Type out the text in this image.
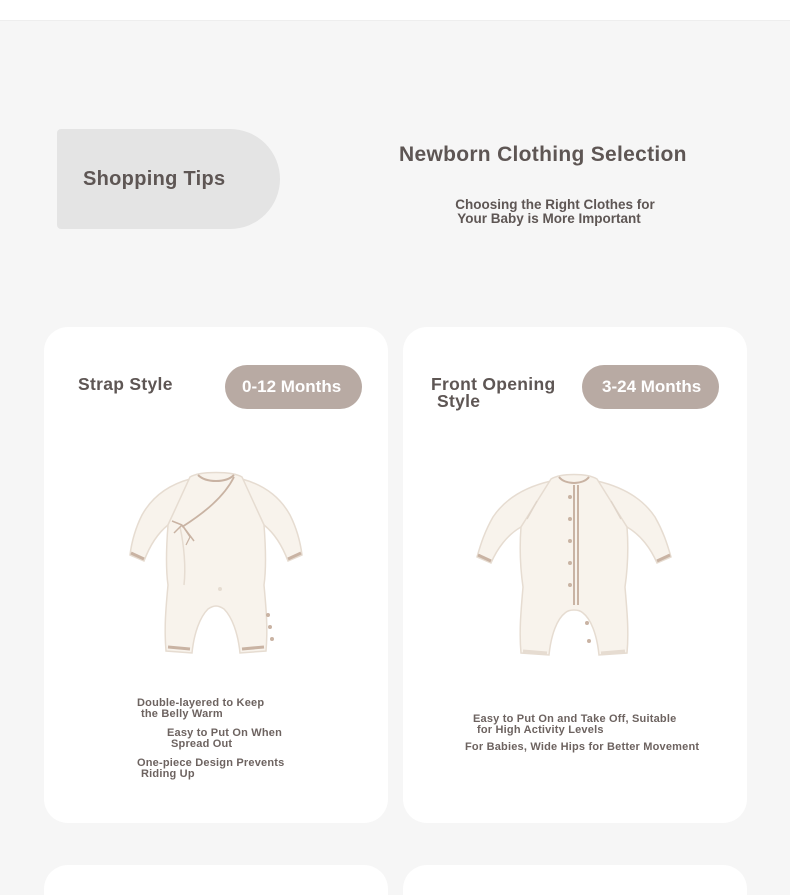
Shopping Tips
Newborn Clothing Selection
Choosing the Right Clothes for
Your Baby is More Important
Strap Style	0-12 Months
Double-layered to Keep
the Belly Warm
Easy to Put On When
Spread Out
One-piece Design Prevents
Riding Up
Front Opening
Style
3-24 Months
Easy to Put On and Take Off, Suitable
for High Activity Levels
For Babies, Wide Hips for Better Movement
